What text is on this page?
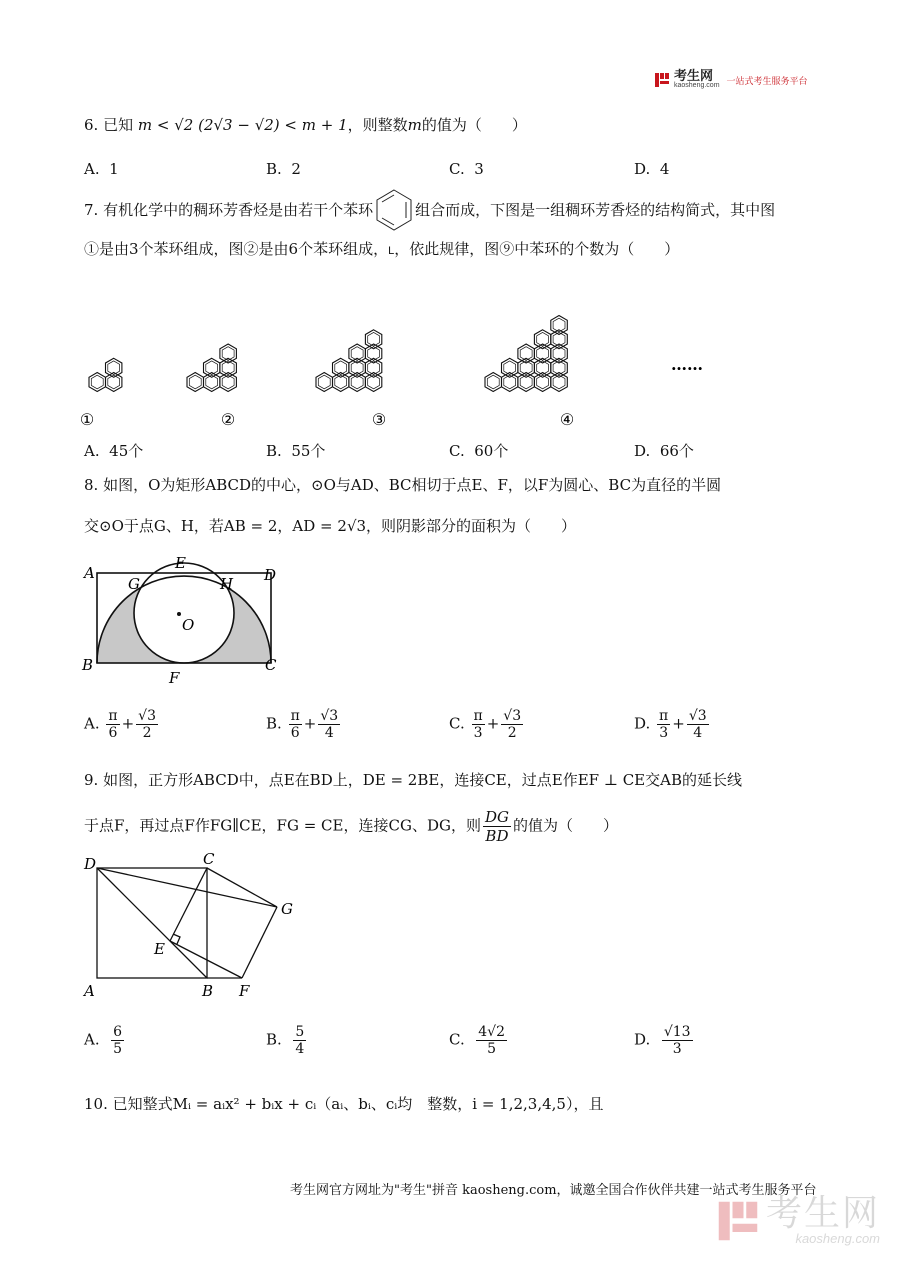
考生网
kaosheng.com 一站式考生服务平台
6. 已知 m < √2 (2√3 − √2) < m + 1，则整数m的值为（　　）
A. 1	B. 2	C. 3	D. 4
7. 有机化学中的稠环芳香烃是由若干个苯环	组合而成，下图是一组稠环芳香烃的结构简式，其中图
①是由3个苯环组成，图②是由6个苯环组成，L，依此规律，图⑨中苯环的个数为（　　）
①	②	③	④
……
A. 45个	B. 55个	C. 60个	D. 66个
8. 如图，O为矩形ABCD的中心，⊙O与AD、BC相切于点E、F，以F为圆心、BC为直径的半圆
交⊙O于点G、H，若AB = 2，AD = 2√3，则阴影部分的面积为（　　）
A	D
B	C
E
F
G	H
O
A. $\frac{\pi}{6} + \frac{√3}{2}$	B. $\frac{\pi}{6} + \frac{√3}{4}$	C. $\frac{\pi}{3} + \frac{√3}{2}$	D. $\frac{\pi}{3} + \frac{√3}{4}$
9. 如图，正方形ABCD中，点E在BD上，DE = 2BE，连接CE，过点E作EF ⊥ CE交AB的延长线
于点F，再过点F作FG∥CE，FG = CE，连接CG、DG，则 $\frac{DG}{BD}$ 的值为（　　）
D	C
A	B F
G
E
A. $\frac{6}{5}$	B. $\frac{5}{4}$	C. $\frac{4√2}{5}$	D. $\frac{√13}{3}$
10. 已知整式Mᵢ = aᵢx² + bᵢx + cᵢ（aᵢ、bᵢ、cᵢ均　整数，i = 1,2,3,4,5），且
考生网官方网址为"考生"拼音 kaosheng.com，诚邀全国合作伙伴共建一站式考生服务平台
考生网
kaosheng.com
